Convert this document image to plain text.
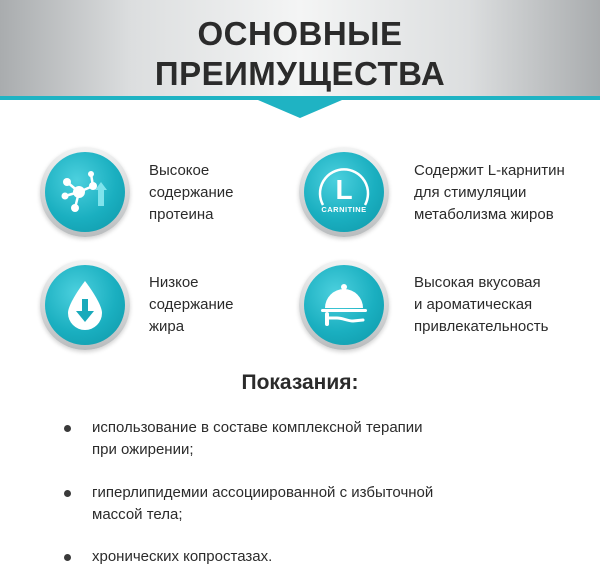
ОСНОВНЫЕ
ПРЕИМУЩЕСТВА
Высокое
содержание
протеина
L
CARNITINE
Содержит L-карнитин
для стимуляции
метаболизма жиров
Низкое
содержание
жира
Высокая вкусовая
и ароматическая
привлекательность
Показания:
использование в составе комплексной терапии
при ожирении;
гиперлипидемии ассоциированной с избыточной
массой тела;
хронических копростазах.
